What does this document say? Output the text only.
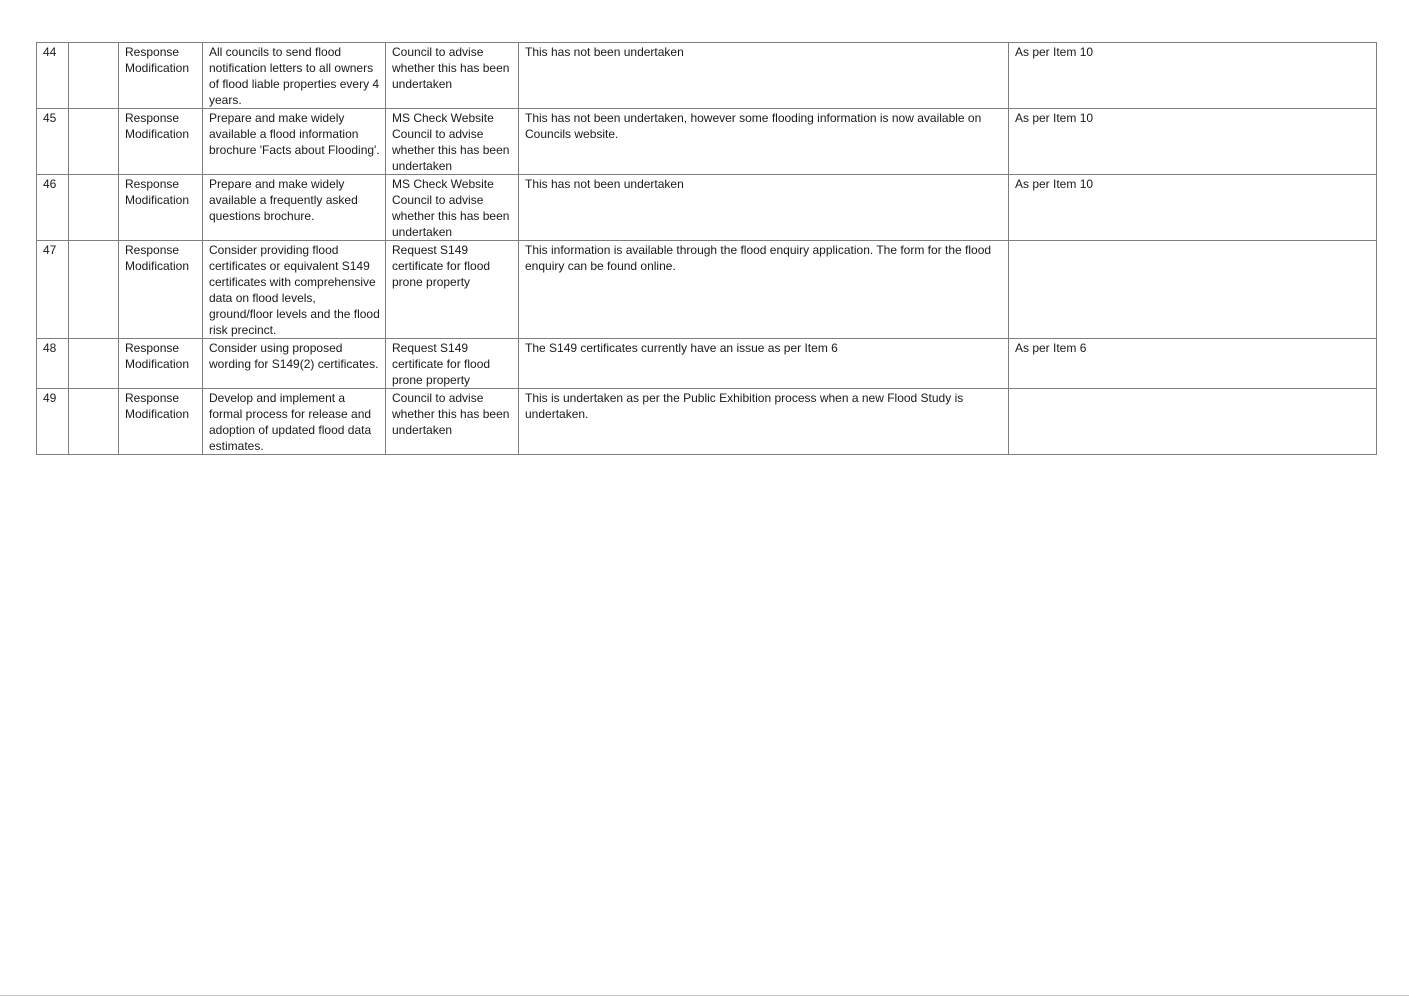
44		Response Modification	All councils to send flood notification letters to all owners of flood liable properties every 4 years.	Council to advise whether this has been undertaken	This has not been undertaken	As per Item 10
45		Response Modification	Prepare and make widely available a flood information brochure 'Facts about Flooding'.	MS Check Website Council to advise whether this has been undertaken	This has not been undertaken, however some flooding information is now available on Councils website.	As per Item 10
46		Response Modification	Prepare and make widely available a frequently asked questions brochure.	MS Check Website Council to advise whether this has been undertaken	This has not been undertaken	As per Item 10
47		Response Modification	Consider providing flood certificates or equivalent S149 certificates with comprehensive data on flood levels, ground/floor levels and the flood risk precinct.	Request S149 certificate for flood prone property	This information is available through the flood enquiry application. The form for the flood enquiry can be found online.	
48		Response Modification	Consider using proposed wording for S149(2) certificates.	Request S149 certificate for flood prone property	The S149 certificates currently have an issue as per Item 6	As per Item 6
49		Response Modification	Develop and implement a formal process for release and adoption of updated flood data estimates.	Council to advise whether this has been undertaken	This is undertaken as per the Public Exhibition process when a new Flood Study is undertaken.	
